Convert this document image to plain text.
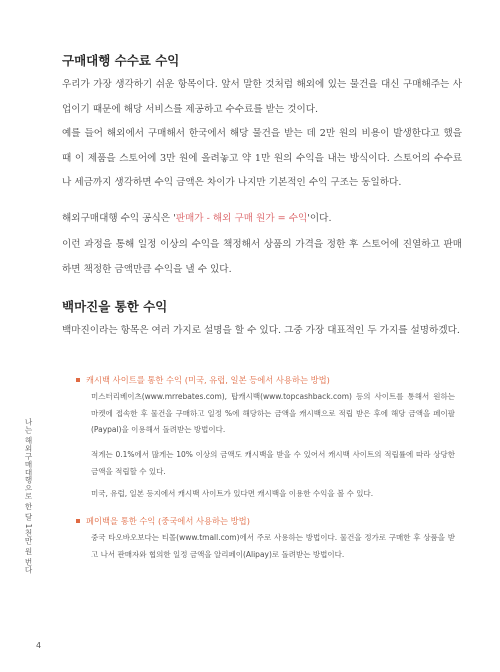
구매대행 수수료 수익

우리가 가장 생각하기 쉬운 항목이다. 앞서 말한 것처럼 해외에 있는 물건을 대신 구매해주는 사업이기 때문에 해당 서비스를 제공하고 수수료를 받는 것이다.

예를 들어 해외에서 구매해서 한국에서 해당 물건을 받는 데 2만 원의 비용이 발생한다고 했을 때 이 제품을 스토어에 3만 원에 올려놓고 약 1만 원의 수익을 내는 방식이다. 스토어의 수수료나 세금까지 생각하면 수익 금액은 차이가 나지만 기본적인 수익 구조는 동일하다.

해외구매대행 수익 공식은 '판매가 - 해외 구매 원가 = 수익'이다.

이런 과정을 통해 일정 이상의 수익을 책정해서 상품의 가격을 정한 후 스토어에 진열하고 판매하면 책정한 금액만큼 수익을 낼 수 있다.

백마진을 통한 수익

백마진이라는 항목은 여러 가지로 설명을 할 수 있다. 그중 가장 대표적인 두 가지를 설명하겠다.

캐시백 사이트를 통한 수익 (미국, 유럽, 일본 등에서 사용하는 방법)

미스터리베이츠(www.mrrebates.com), 탑캐시백(www.topcashback.com) 등의 사이트를 통해서 원하는 마켓에 접속한 후 물건을 구매하고 일정 %에 해당하는 금액을 캐시백으로 적립 받은 후에 해당 금액을 페이팔(Paypal)을 이용해서 돌려받는 방법이다.

적게는 0.1%에서 많게는 10% 이상의 금액도 캐시백을 받을 수 있어서 캐시백 사이트의 적립률에 따라 상당한 금액을 적립할 수 있다.

미국, 유럽, 일본 등지에서 캐시백 사이트가 있다면 캐시백을 이용한 수익을 볼 수 있다.

페이백을 통한 수익 (중국에서 사용하는 방법)

중국 타오바오보다는 티몰(www.tmall.com)에서 주로 사용하는 방법이다. 물건을 정가로 구매한 후 상품을 받고 나서 판매자와 협의한 일정 금액을 알리페이(Alipay)로 돌려받는 방법이다.

나는 해외구매대행으로 한 달 1천만 원 번다
4
